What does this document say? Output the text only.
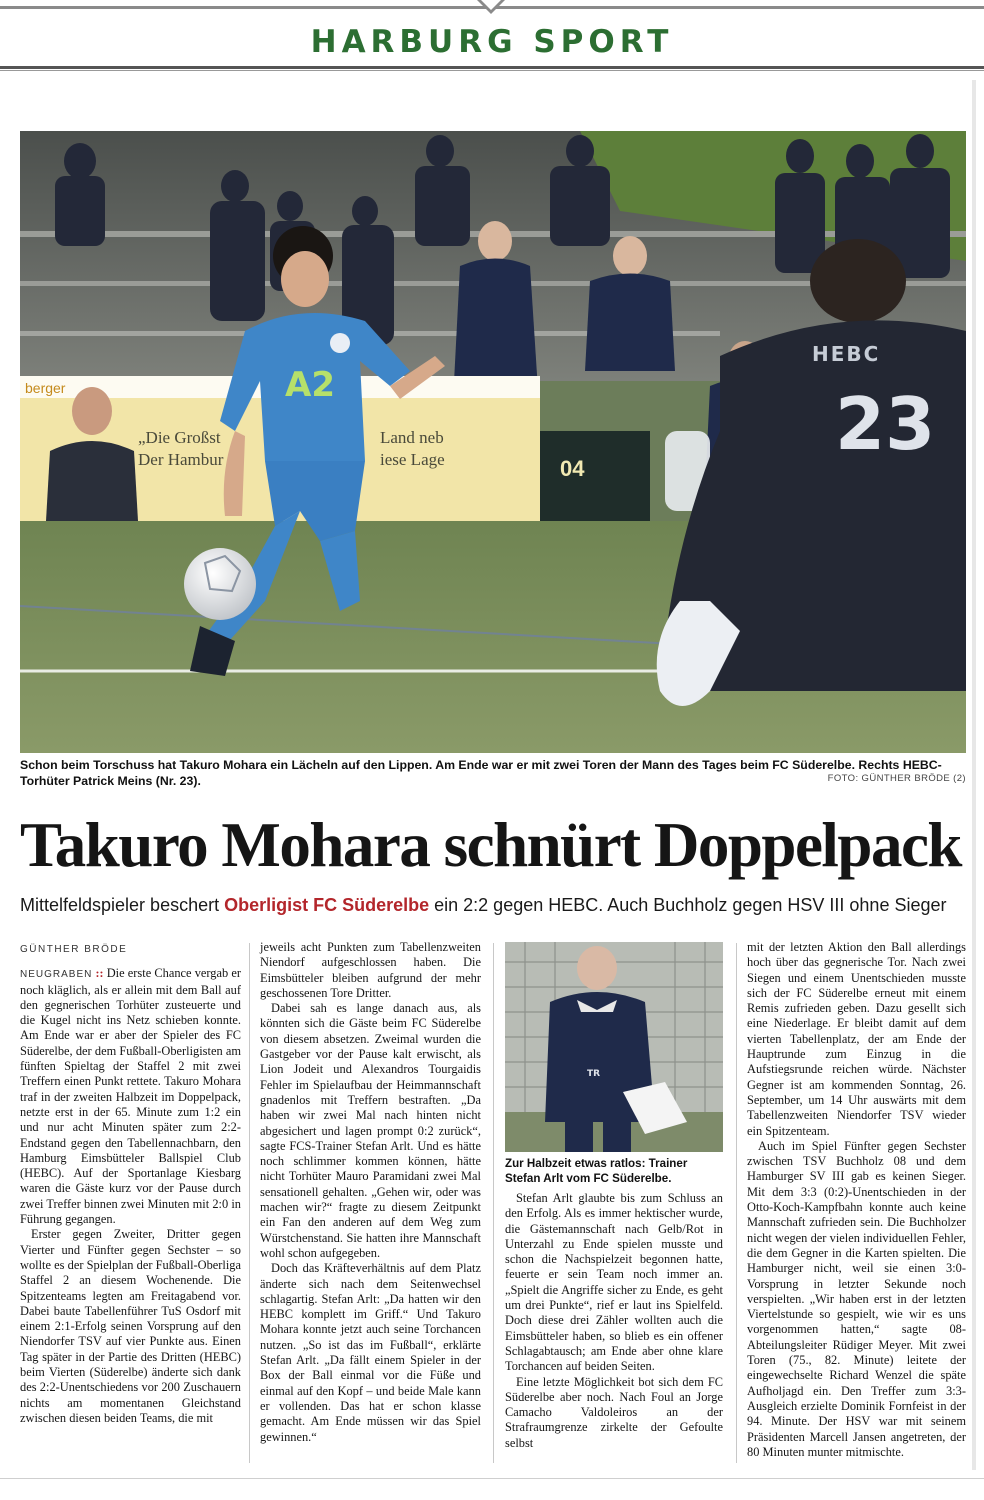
HARBURG SPORT
berger
„Die Großst
Der Hambur
Land neb
iese Lage	04
A2
HEBC
23
Schon beim Torschuss hat Takuro Mohara ein Lächeln auf den Lippen. Am Ende war er mit zwei Toren der Mann des Tages beim FC Süderelbe. Rechts HEBC-Torhüter Patrick Meins (Nr. 23).	FOTO: GÜNTHER BRÖDE (2)
Takuro Mohara schnürt Doppelpack
Mittelfeldspieler beschert Oberligist FC Süderelbe ein 2:2 gegen HEBC. Auch Buchholz gegen HSV III ohne Sieger
GÜNTHER BRÖDE

NEUGRABEN :: Die erste Chance vergab er noch kläglich, als er allein mit dem Ball auf den gegnerischen Torhüter zusteuerte und die Kugel nicht ins Netz schieben konnte. Am Ende war er aber der Spieler des FC Süderelbe, der dem Fußball-Oberligisten am fünften Spieltag der Staffel 2 mit zwei Treffern einen Punkt rettete. Takuro Mohara traf in der zweiten Halbzeit im Doppelpack, netzte erst in der 65. Minute zum 1:2 ein und nur acht Minuten später zum 2:2-Endstand gegen den Tabellennachbarn, den Hamburg Eimsbütteler Ballspiel Club (HEBC). Auf der Sportanlage Kiesbarg waren die Gäste kurz vor der Pause durch zwei Treffer binnen zwei Minuten mit 2:0 in Führung gegangen.

Erster gegen Zweiter, Dritter gegen Vierter und Fünfter gegen Sechster – so wollte es der Spielplan der Fußball-Oberliga Staffel 2 an diesem Wochenende. Die Spitzenteams legten am Freitagabend vor. Dabei baute Tabellenführer TuS Osdorf mit einem 2:1-Erfolg seinen Vorsprung auf den Niendorfer TSV auf vier Punkte aus. Einen Tag später in der Partie des Dritten (HEBC) beim Vierten (Süderelbe) änderte sich dank des 2:2-Unentschiedens vor 200 Zuschauern nichts am momentanen Gleichstand zwischen diesen beiden Teams, die mit

jeweils acht Punkten zum Tabellenzweiten Niendorf aufgeschlossen haben. Die Eimsbütteler bleiben aufgrund der mehr geschossenen Tore Dritter.

Dabei sah es lange danach aus, als könnten sich die Gäste beim FC Süderelbe von diesem absetzen. Zweimal wurden die Gastgeber vor der Pause kalt erwischt, als Lion Jodeit und Alexandros Tourgaidis Fehler im Spielaufbau der Heimmannschaft gnadenlos mit Treffern bestraften. „Da haben wir zwei Mal nach hinten nicht abgesichert und lagen prompt 0:2 zurück“, sagte FCS-Trainer Stefan Arlt. Und es hätte noch schlimmer kommen können, hätte nicht Torhüter Mauro Paramidani zwei Mal sensationell gehalten. „Gehen wir, oder was machen wir?“ fragte zu diesem Zeitpunkt ein Fan den anderen auf dem Weg zum Würstchenstand. Sie hatten ihre Mannschaft wohl schon aufgegeben.

Doch das Kräfteverhältnis auf dem Platz änderte sich nach dem Seitenwechsel schlagartig. Stefan Arlt: „Da hatten wir den HEBC komplett im Griff.“ Und Takuro Mohara konnte jetzt auch seine Torchancen nutzen. „So ist das im Fußball“, erklärte Stefan Arlt. „Da fällt einem Spieler in der Box der Ball einmal vor die Füße und einmal auf den Kopf – und beide Male kann er vollenden. Das hat er schon klasse gemacht. Am Ende müssen wir das Spiel gewinnen.“

TR
Zur Halbzeit etwas ratlos: Trainer Stefan Arlt vom FC Süderelbe.

Stefan Arlt glaubte bis zum Schluss an den Erfolg. Als es immer hektischer wurde, die Gästemannschaft nach Gelb/Rot in Unterzahl zu Ende spielen musste und schon die Nachspielzeit begonnen hatte, feuerte er sein Team noch immer an. „Spielt die Angriffe sicher zu Ende, es geht um drei Punkte“, rief er laut ins Spielfeld. Doch diese drei Zähler wollten auch die Eimsbütteler haben, so blieb es ein offener Schlagabtausch; am Ende aber ohne klare Torchancen auf beiden Seiten.

Eine letzte Möglichkeit bot sich dem FC Süderelbe aber noch. Nach Foul an Jorge Camacho Valdoleiros an der Strafraumgrenze zirkelte der Gefoulte selbst

mit der letzten Aktion den Ball allerdings hoch über das gegnerische Tor. Nach zwei Siegen und einem Unentschieden musste sich der FC Süderelbe erneut mit einem Remis zufrieden geben. Dazu gesellt sich eine Niederlage. Er bleibt damit auf dem vierten Tabellenplatz, der am Ende der Hauptrunde zum Einzug in die Aufstiegsrunde reichen würde. Nächster Gegner ist am kommenden Sonntag, 26. September, um 14 Uhr auswärts mit dem Tabellenzweiten Niendorfer TSV wieder ein Spitzenteam.

Auch im Spiel Fünfter gegen Sechster zwischen TSV Buchholz 08 und dem Hamburger SV III gab es keinen Sieger. Mit dem 3:3 (0:2)-Unentschieden in der Otto-Koch-Kampfbahn konnte auch keine Mannschaft zufrieden sein. Die Buchholzer nicht wegen der vielen individuellen Fehler, die dem Gegner in die Karten spielten. Die Hamburger nicht, weil sie einen 3:0-Vorsprung in letzter Sekunde noch verspielten. „Wir haben erst in der letzten Viertelstunde so gespielt, wie wir es uns vorgenommen hatten,“ sagte 08-Abteilungsleiter Rüdiger Meyer. Mit zwei Toren (75., 82. Minute) leitete der eingewechselte Richard Wenzel die späte Aufholjagd ein. Den Treffer zum 3:3-Ausgleich erzielte Dominik Fornfeist in der 94. Minute. Der HSV war mit seinem Präsidenten Marcell Jansen angetreten, der 80 Minuten munter mitmischte.
